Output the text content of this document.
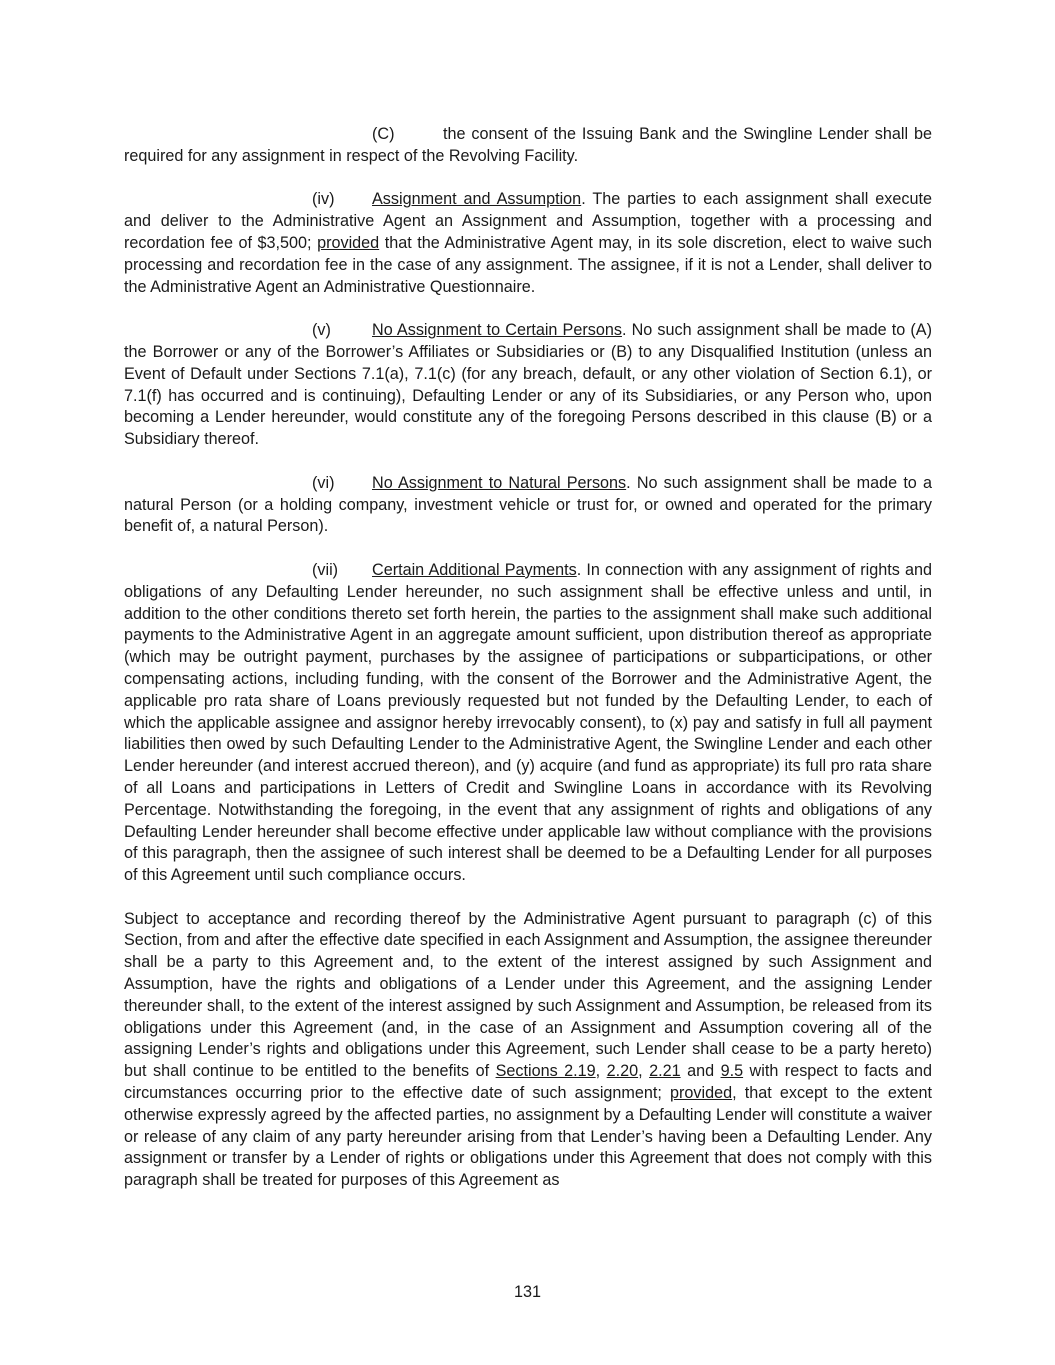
(C)	the consent of the Issuing Bank and the Swingline Lender shall be required for any assignment in respect of the Revolving Facility.

(iv) Assignment and Assumption. The parties to each assignment shall execute and deliver to the Administrative Agent an Assignment and Assumption, together with a processing and recordation fee of $3,500; provided that the Administrative Agent may, in its sole discretion, elect to waive such processing and recordation fee in the case of any assignment. The assignee, if it is not a Lender, shall deliver to the Administrative Agent an Administrative Questionnaire.

(v)	No Assignment to Certain Persons. No such assignment shall be made to (A) the Borrower or any of the Borrower’s Affiliates or Subsidiaries or (B) to any Disqualified Institution (unless an Event of Default under Sections 7.1(a), 7.1(c) (for any breach, default, or any other violation of Section 6.1), or 7.1(f) has occurred and is continuing), Defaulting Lender or any of its Subsidiaries, or any Person who, upon becoming a Lender hereunder, would constitute any of the foregoing Persons described in this clause (B) or a Subsidiary thereof.

(vi) No Assignment to Natural Persons. No such assignment shall be made to a natural Person (or a holding company, investment vehicle or trust for, or owned and operated for the primary benefit of, a natural Person).

(vii) Certain Additional Payments. In connection with any assignment of rights and obligations of any Defaulting Lender hereunder, no such assignment shall be effective unless and until, in addition to the other conditions thereto set forth herein, the parties to the assignment shall make such additional payments to the Administrative Agent in an aggregate amount sufficient, upon distribution thereof as appropriate (which may be outright payment, purchases by the assignee of participations or subparticipations, or other compensating actions, including funding, with the consent of the Borrower and the Administrative Agent, the applicable pro rata share of Loans previously requested but not funded by the Defaulting Lender, to each of which the applicable assignee and assignor hereby irrevocably consent), to (x) pay and satisfy in full all payment liabilities then owed by such Defaulting Lender to the Administrative Agent, the Swingline Lender and each other Lender hereunder (and interest accrued thereon), and (y) acquire (and fund as appropriate) its full pro rata share of all Loans and participations in Letters of Credit and Swingline Loans in accordance with its Revolving Percentage. Notwithstanding the foregoing, in the event that any assignment of rights and obligations of any Defaulting Lender hereunder shall become effective under applicable law without compliance with the provisions of this paragraph, then the assignee of such interest shall be deemed to be a Defaulting Lender for all purposes of this Agreement until such compliance occurs.

Subject to acceptance and recording thereof by the Administrative Agent pursuant to paragraph (c) of this Section, from and after the effective date specified in each Assignment and Assumption, the assignee thereunder shall be a party to this Agreement and, to the extent of the interest assigned by such Assignment and Assumption, have the rights and obligations of a Lender under this Agreement, and the assigning Lender thereunder shall, to the extent of the interest assigned by such Assignment and Assumption, be released from its obligations under this Agreement (and, in the case of an Assignment and Assumption covering all of the assigning Lender’s rights and obligations under this Agreement, such Lender shall cease to be a party hereto) but shall continue to be entitled to the benefits of Sections 2.19, 2.20, 2.21 and 9.5 with respect to facts and circumstances occurring prior to the effective date of such assignment; provided, that except to the extent otherwise expressly agreed by the affected parties, no assignment by a Defaulting Lender will constitute a waiver or release of any claim of any party hereunder arising from that Lender’s having been a Defaulting Lender. Any assignment or transfer by a Lender of rights or obligations under this Agreement that does not comply with this paragraph shall be treated for purposes of this Agreement as

131
